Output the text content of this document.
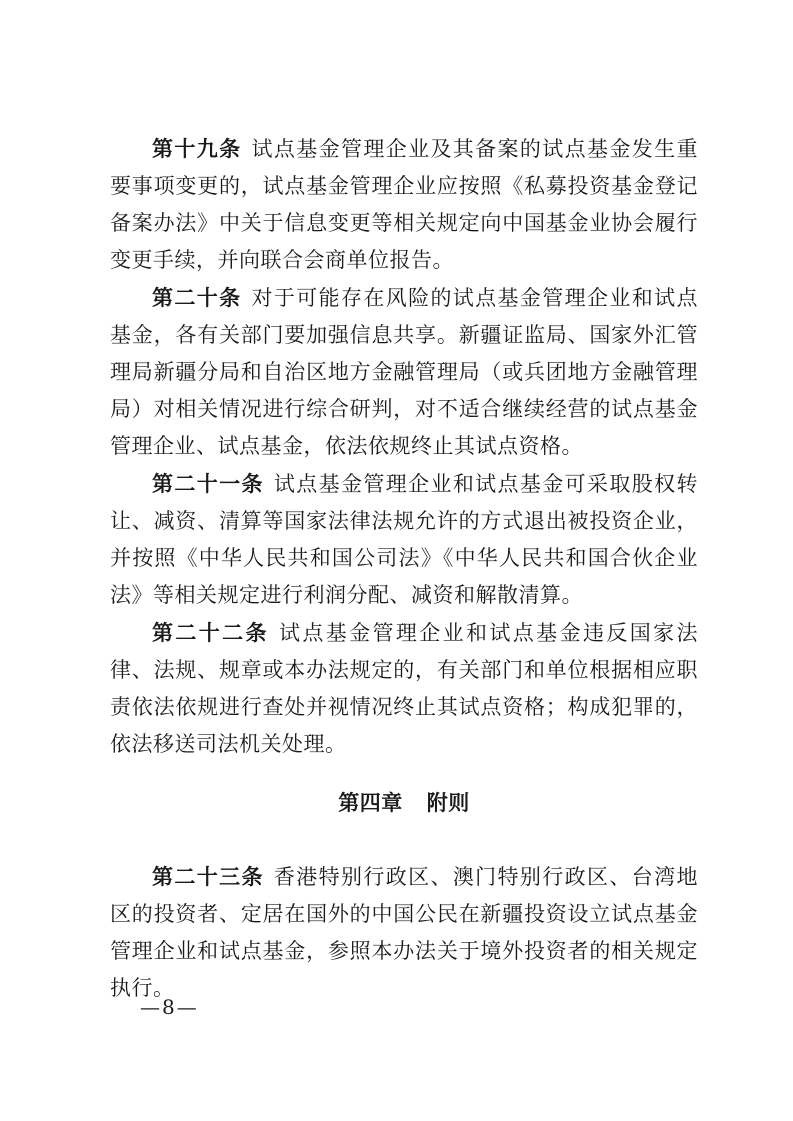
第十九条 试点基金管理企业及其备案的试点基金发生重要事项变更的，试点基金管理企业应按照《私募投资基金登记备案办法》中关于信息变更等相关规定向中国基金业协会履行变更手续，并向联合会商单位报告。

第二十条 对于可能存在风险的试点基金管理企业和试点基金，各有关部门要加强信息共享。新疆证监局、国家外汇管理局新疆分局和自治区地方金融管理局（或兵团地方金融管理局）对相关情况进行综合研判，对不适合继续经营的试点基金管理企业、试点基金，依法依规终止其试点资格。

第二十一条 试点基金管理企业和试点基金可采取股权转让、减资、清算等国家法律法规允许的方式退出被投资企业，并按照《中华人民共和国公司法》《中华人民共和国合伙企业法》等相关规定进行利润分配、减资和解散清算。

第二十二条 试点基金管理企业和试点基金违反国家法律、法规、规章或本办法规定的，有关部门和单位根据相应职责依法依规进行查处并视情况终止其试点资格；构成犯罪的，依法移送司法机关处理。

第四章 附则

第二十三条 香港特别行政区、澳门特别行政区、台湾地区的投资者、定居在国外的中国公民在新疆投资设立试点基金管理企业和试点基金，参照本办法关于境外投资者的相关规定执行。

—8—
